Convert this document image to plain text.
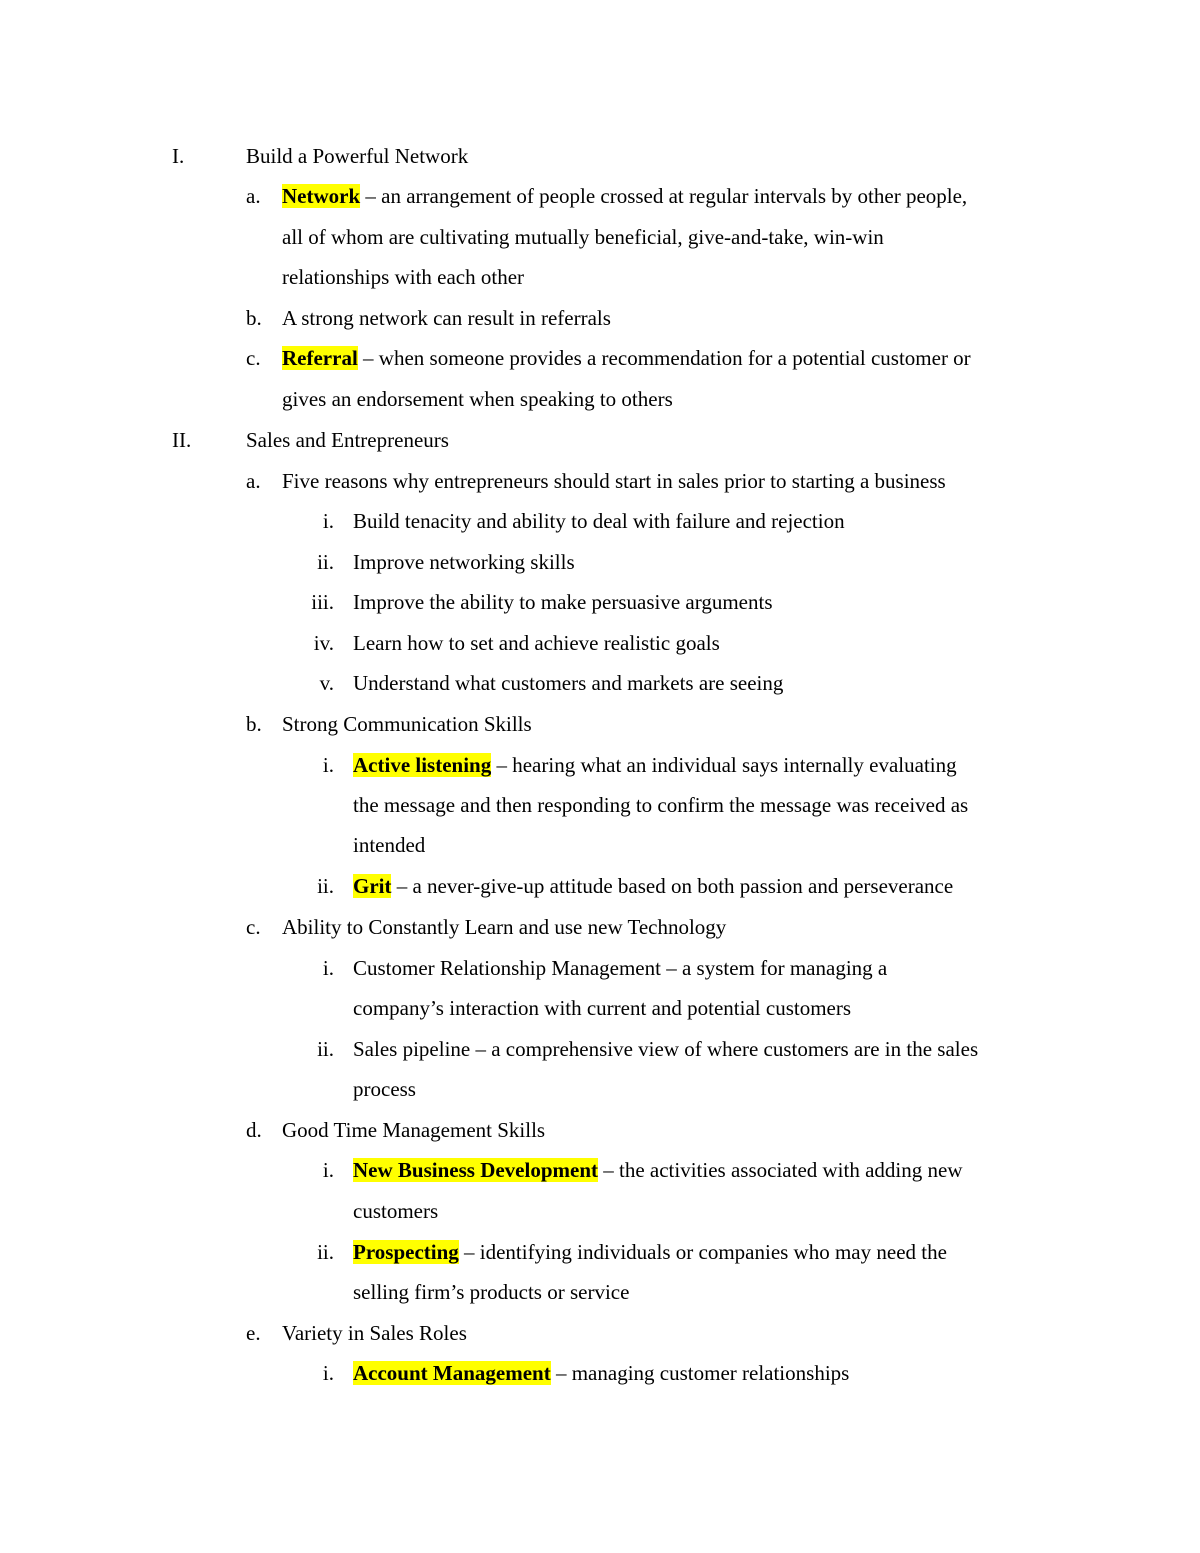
I.	Build a Powerful Network
a. Network – an arrangement of people crossed at regular intervals by other people,
all of whom are cultivating mutually beneficial, give-and-take, win-win
relationships with each other
b. A strong network can result in referrals
c. Referral – when someone provides a recommendation for a potential customer or
gives an endorsement when speaking to others
II.	Sales and Entrepreneurs
a. Five reasons why entrepreneurs should start in sales prior to starting a business
i. Build tenacity and ability to deal with failure and rejection
ii. Improve networking skills
iii. Improve the ability to make persuasive arguments
iv. Learn how to set and achieve realistic goals
v. Understand what customers and markets are seeing
b. Strong Communication Skills
i. Active listening – hearing what an individual says internally evaluating
the message and then responding to confirm the message was received as
intended
ii. Grit – a never-give-up attitude based on both passion and perseverance
c. Ability to Constantly Learn and use new Technology
i. Customer Relationship Management – a system for managing a
company’s interaction with current and potential customers
ii. Sales pipeline – a comprehensive view of where customers are in the sales
process
d. Good Time Management Skills
i. New Business Development – the activities associated with adding new
customers
ii. Prospecting – identifying individuals or companies who may need the
selling firm’s products or service
e. Variety in Sales Roles
i. Account Management – managing customer relationships
